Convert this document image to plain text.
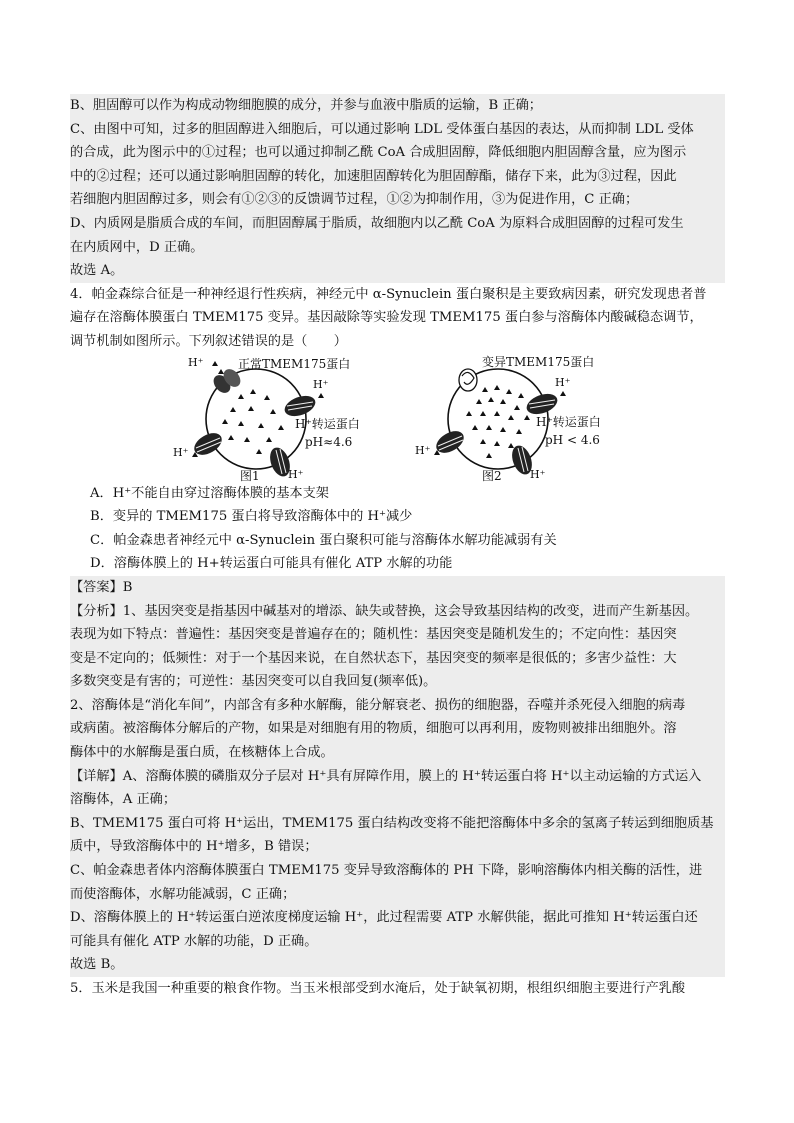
B、胆固醇可以作为构成动物细胞膜的成分，并参与血液中脂质的运输，B 正确；
C、由图中可知，过多的胆固醇进入细胞后，可以通过影响 LDL 受体蛋白基因的表达，从而抑制 LDL 受体
的合成，此为图示中的①过程；也可以通过抑制乙酰 CoA 合成胆固醇，降低细胞内胆固醇含量，应为图示
中的②过程；还可以通过影响胆固醇的转化，加速胆固醇转化为胆固醇酯，储存下来，此为③过程，因此
若细胞内胆固醇过多，则会有①②③的反馈调节过程，①②为抑制作用，③为促进作用，C 正确；
D、内质网是脂质合成的车间，而胆固醇属于脂质，故细胞内以乙酰 CoA 为原料合成胆固醇的过程可发生
在内质网中，D 正确。
故选 A。
4．帕金森综合征是一种神经退行性疾病，神经元中 α-Synuclein 蛋白聚积是主要致病因素，研究发现患者普
遍存在溶酶体膜蛋白 TMEM175 变异。基因敲除等实验发现 TMEM175 蛋白参与溶酶体内酸碱稳态调节，
调节机制如图所示。下列叙述错误的是（　　）
H⁺	正常TMEM175蛋白
H⁺
H⁺转运蛋白
pH≈4.6
H⁺
H⁺
图1
变异TMEM175蛋白
H⁺
H⁺转运蛋白
pH < 4.6
H⁺
H⁺
图2
A．H⁺不能自由穿过溶酶体膜的基本支架
B．变异的 TMEM175 蛋白将导致溶酶体中的 H⁺减少
C．帕金森患者神经元中 α-Synuclein 蛋白聚积可能与溶酶体水解功能减弱有关
D．溶酶体膜上的 H+转运蛋白可能具有催化 ATP 水解的功能
【答案】B
【分析】1、基因突变是指基因中碱基对的增添、缺失或替换，这会导致基因结构的改变，进而产生新基因。
表现为如下特点：普遍性：基因突变是普遍存在的；随机性：基因突变是随机发生的；不定向性：基因突
变是不定向的；低频性：对于一个基因来说，在自然状态下，基因突变的频率是很低的；多害少益性：大
多数突变是有害的；可逆性：基因突变可以自我回复(频率低)。
2、溶酶体是“消化车间”，内部含有多种水解酶，能分解衰老、损伤的细胞器，吞噬并杀死侵入细胞的病毒
或病菌。被溶酶体分解后的产物，如果是对细胞有用的物质，细胞可以再利用，废物则被排出细胞外。溶
酶体中的水解酶是蛋白质，在核糖体上合成。
【详解】A、溶酶体膜的磷脂双分子层对 H⁺具有屏障作用，膜上的 H⁺转运蛋白将 H⁺以主动运输的方式运入
溶酶体，A 正确；
B、TMEM175 蛋白可将 H⁺运出，TMEM175 蛋白结构改变将不能把溶酶体中多余的氢离子转运到细胞质基
质中，导致溶酶体中的 H⁺增多，B 错误；
C、帕金森患者体内溶酶体膜蛋白 TMEM175 变异导致溶酶体的 PH 下降，影响溶酶体内相关酶的活性，进
而使溶酶体，水解功能减弱，C 正确；
D、溶酶体膜上的 H⁺转运蛋白逆浓度梯度运输 H⁺，此过程需要 ATP 水解供能，据此可推知 H⁺转运蛋白还
可能具有催化 ATP 水解的功能，D 正确。
故选 B。
5．玉米是我国一种重要的粮食作物。当玉米根部受到水淹后，处于缺氧初期，根组织细胞主要进行产乳酸
